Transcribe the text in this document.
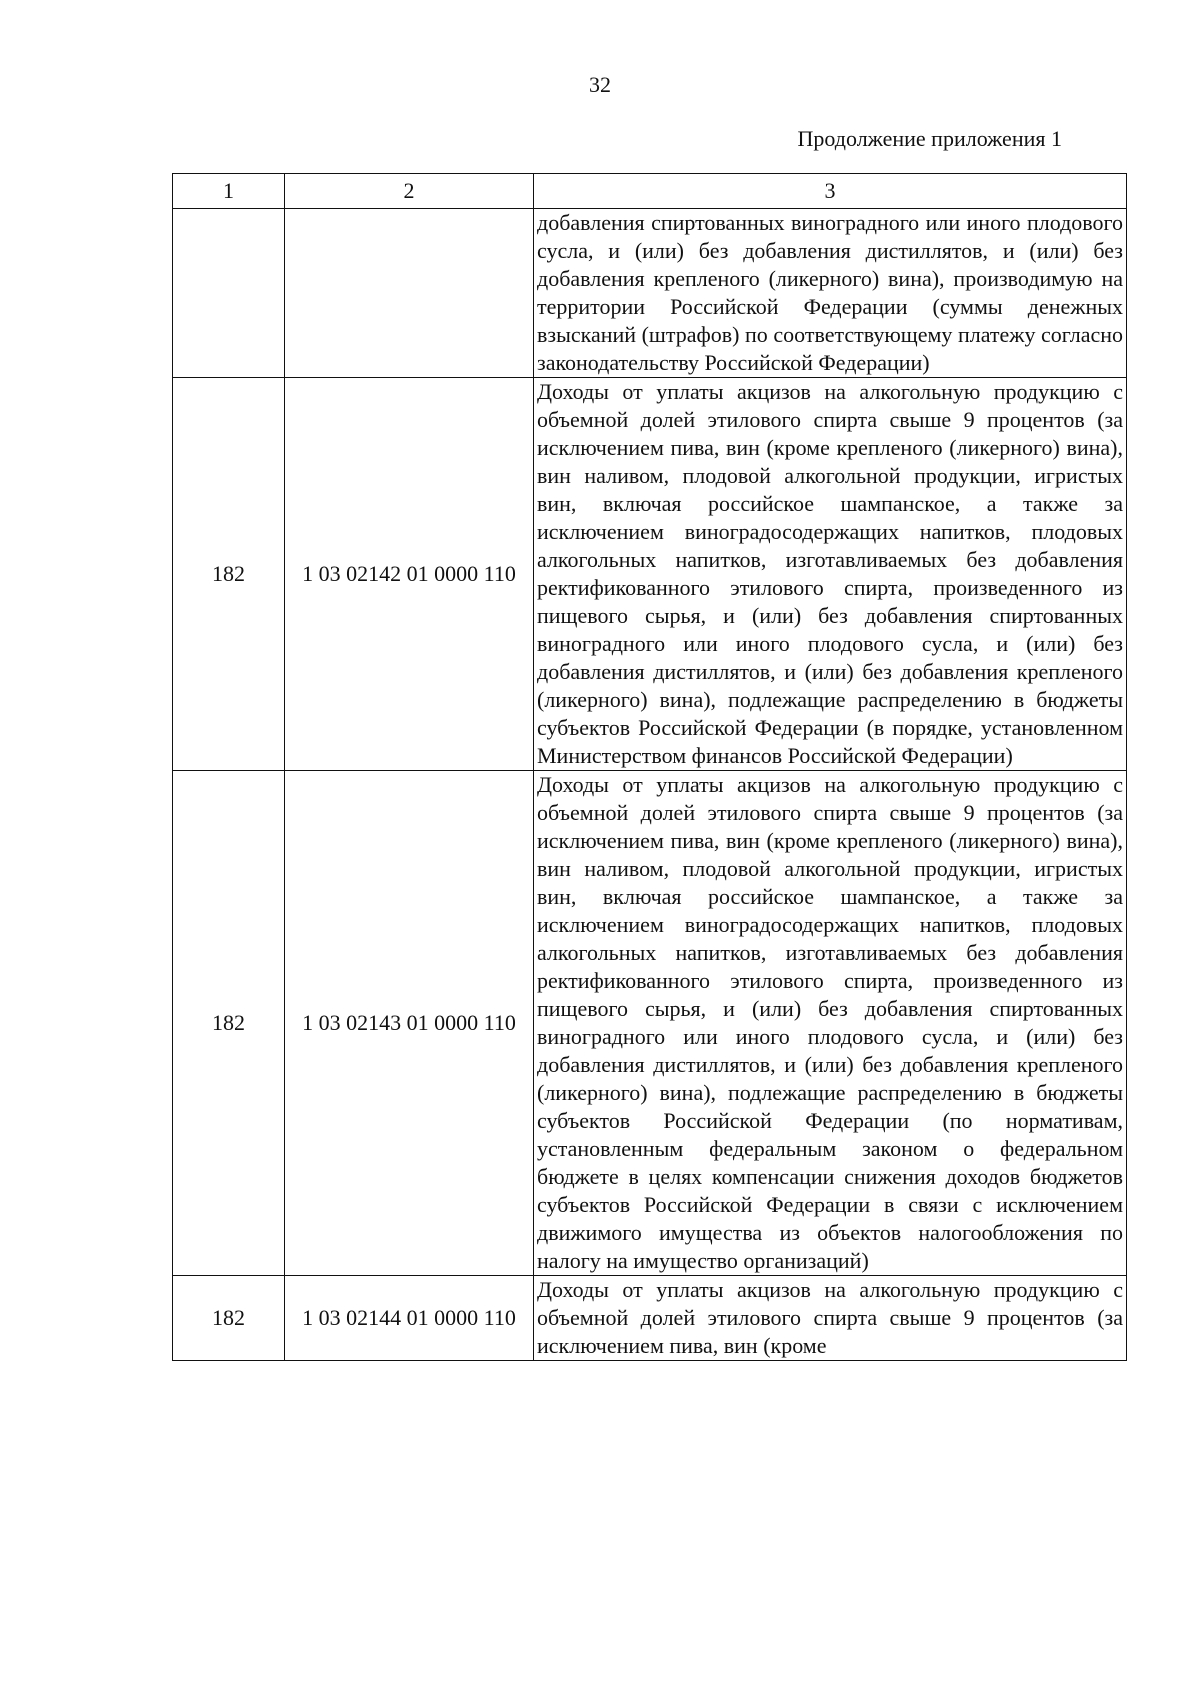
32
Продолжение приложения 1
1	2	3
		добавления спиртованных виноградного или иного плодового сусла, и (или) без добавления дистиллятов, и (или) без добавления крепленого (ликерного) вина), производимую на территории Российской Федерации (суммы денежных взысканий (штрафов) по соответствующему платежу согласно законодательству Российской Федерации)
182	1 03 02142 01 0000 110	Доходы от уплаты акцизов на алкогольную продукцию с объемной долей этилового спирта свыше 9 процентов (за исключением пива, вин (кроме крепленого (ликерного) вина), вин наливом, плодовой алкогольной продукции, игристых вин, включая российское шампанское, а также за исключением виноградосодержащих напитков, плодовых алкогольных напитков, изготавливаемых без добавления ректификованного этилового спирта, произведенного из пищевого сырья, и (или) без добавления спиртованных виноградного или иного плодового сусла, и (или) без добавления дистиллятов, и (или) без добавления крепленого (ликерного) вина), подлежащие распределению в бюджеты субъектов Российской Федерации (в порядке, установленном Министерством финансов Российской Федерации)
182	1 03 02143 01 0000 110	Доходы от уплаты акцизов на алкогольную продукцию с объемной долей этилового спирта свыше 9 процентов (за исключением пива, вин (кроме крепленого (ликерного) вина), вин наливом, плодовой алкогольной продукции, игристых вин, включая российское шампанское, а также за исключением виноградосодержащих напитков, плодовых алкогольных напитков, изготавливаемых без добавления ректификованного этилового спирта, произведенного из пищевого сырья, и (или) без добавления спиртованных виноградного или иного плодового сусла, и (или) без добавления дистиллятов, и (или) без добавления крепленого (ликерного) вина), подлежащие распределению в бюджеты субъектов Российской Федерации (по нормативам, установленным федеральным законом о федеральном бюджете в целях компенсации снижения доходов бюджетов субъектов Российской Федерации в связи с исключением движимого имущества из объектов налогообложения по налогу на имущество организаций)
182	1 03 02144 01 0000 110	Доходы от уплаты акцизов на алкогольную продукцию с объемной долей этилового спирта свыше 9 процентов (за исключением пива, вин (кроме
